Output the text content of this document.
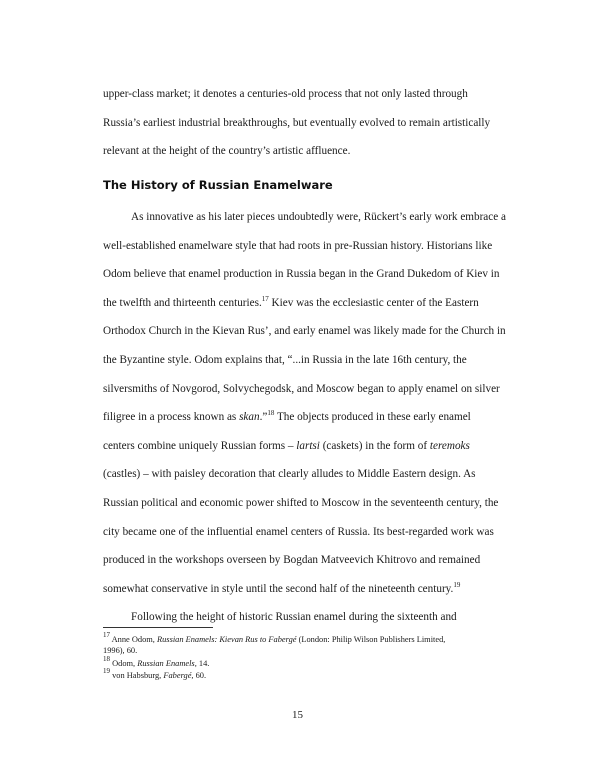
upper-class market; it denotes a centuries-old process that not only lasted through
Russia’s earliest industrial breakthroughs, but eventually evolved to remain artistically
relevant at the height of the country’s artistic affluence.
The History of Russian Enamelware
As innovative as his later pieces undoubtedly were, Rückert’s early work embrace a
well-established enamelware style that had roots in pre-Russian history. Historians like
Odom believe that enamel production in Russia began in the Grand Dukedom of Kiev in
the twelfth and thirteenth centuries.$^{17}$ Kiev was the ecclesiastic center of the Eastern
Orthodox Church in the Kievan Rus’, and early enamel was likely made for the Church in
the Byzantine style. Odom explains that, “...in Russia in the late 16th century, the
silversmiths of Novgorod, Solvychegodsk, and Moscow began to apply enamel on silver
filigree in a process known as skan.”$^{18}$ The objects produced in these early enamel
centers combine uniquely Russian forms – lartsi (caskets) in the form of teremoks
(castles) – with paisley decoration that clearly alludes to Middle Eastern design. As
Russian political and economic power shifted to Moscow in the seventeenth century, the
city became one of the influential enamel centers of Russia. Its best-regarded work was
produced in the workshops overseen by Bogdan Matveevich Khitrovo and remained
somewhat conservative in style until the second half of the nineteenth century.$^{19}$
Following the height of historic Russian enamel during the sixteenth and
$^{17}$ Anne Odom, Russian Enamels: Kievan Rus to Fabergé (London: Philip Wilson Publishers Limited,
1996), 60.
$^{18}$ Odom, Russian Enamels, 14.
$^{19}$ von Habsburg, Fabergé, 60.
15
